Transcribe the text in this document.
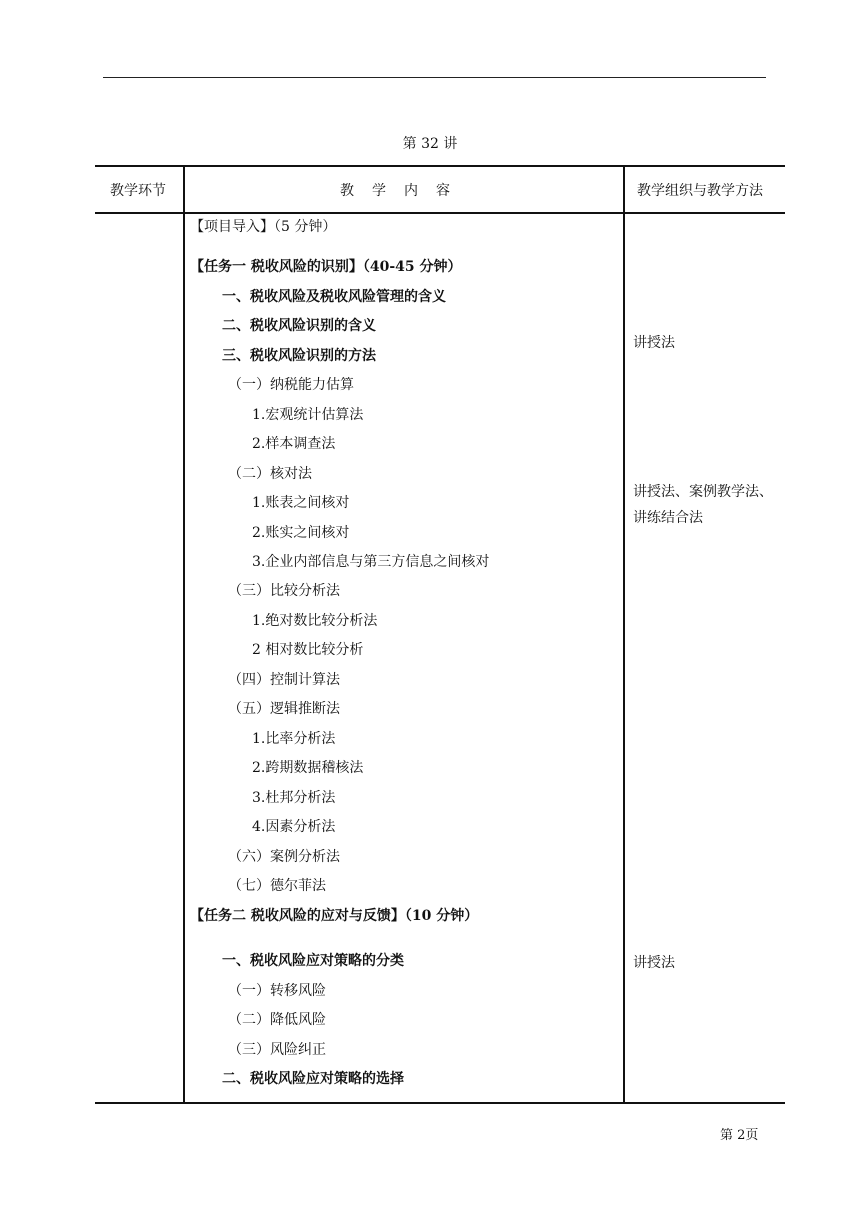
第 32 讲
教学环节	教　学　内　容	教学组织与教学方法
【项目导入】（5 分钟）
【任务一 税收风险的识别】（40-45 分钟）
一、税收风险及税收风险管理的含义
二、税收风险识别的含义
三、税收风险识别的方法
（一）纳税能力估算
1.宏观统计估算法
2.样本调查法
（二）核对法
1.账表之间核对
2.账实之间核对
3.企业内部信息与第三方信息之间核对
（三）比较分析法
1.绝对数比较分析法
2 相对数比较分析
（四）控制计算法
（五）逻辑推断法
1.比率分析法
2.跨期数据稽核法
3.杜邦分析法
4.因素分析法
（六）案例分析法
（七）德尔菲法
【任务二 税收风险的应对与反馈】（10 分钟）
一、税收风险应对策略的分类
（一）转移风险
（二）降低风险
（三）风险纠正
二、税收风险应对策略的选择
讲授法
讲授法、案例教学法、讲练结合法
讲授法
第 2页
